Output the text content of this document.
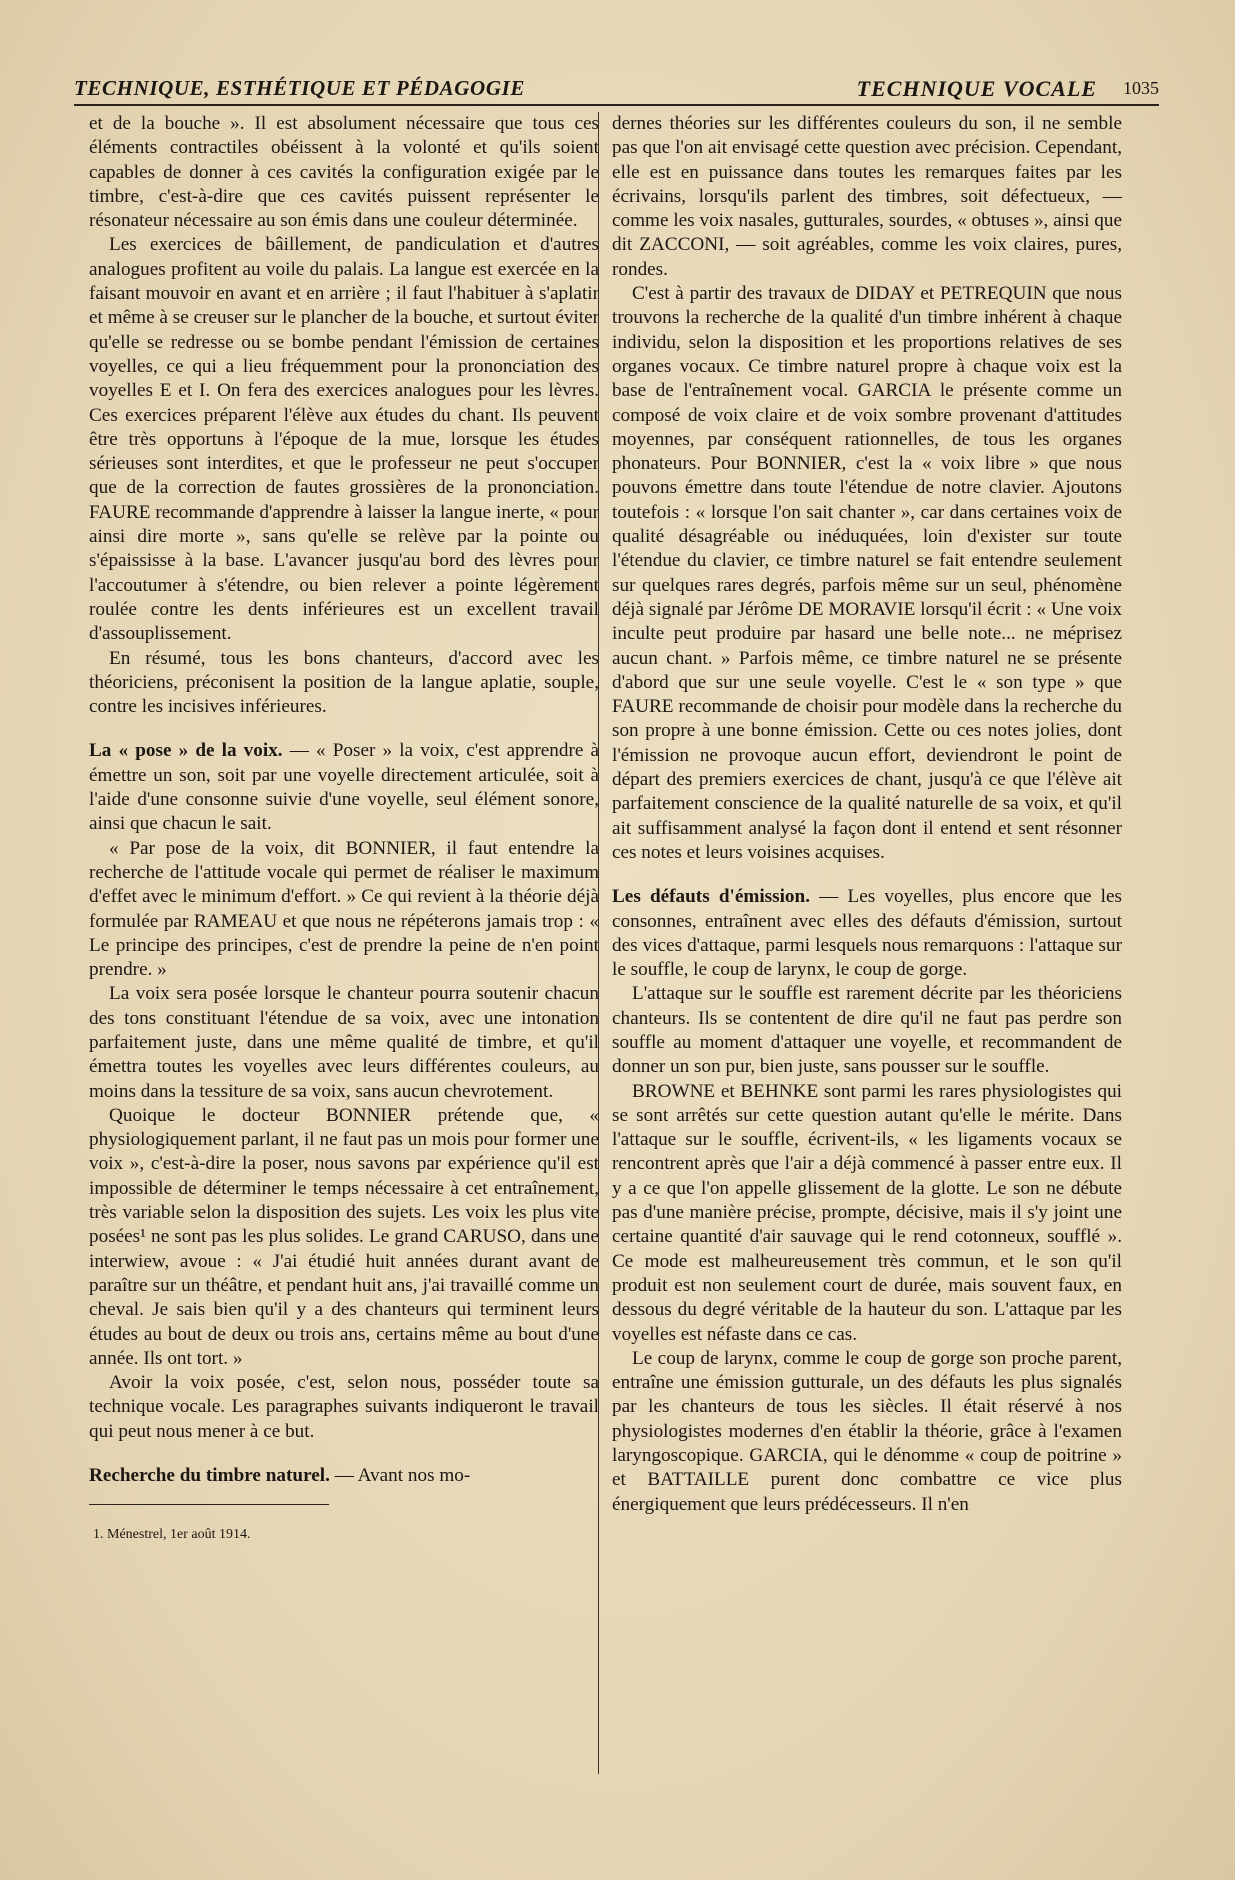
TECHNIQUE, ESTHÉTIQUE ET PÉDAGOGIE	TECHNIQUE VOCALE 1035

et de la bouche ». Il est absolument nécessaire que tous ces éléments contractiles obéissent à la volonté et qu'ils soient capables de donner à ces cavités la configuration exigée par le timbre, c'est-à-dire que ces cavités puissent représenter le résonateur nécessaire au son émis dans une couleur déterminée.

Les exercices de bâillement, de pandiculation et d'autres analogues profitent au voile du palais. La langue est exercée en la faisant mouvoir en avant et en arrière ; il faut l'habituer à s'aplatir et même à se creuser sur le plancher de la bouche, et surtout éviter qu'elle se redresse ou se bombe pendant l'émission de certaines voyelles, ce qui a lieu fréquemment pour la prononciation des voyelles E et I. On fera des exercices analogues pour les lèvres. Ces exercices préparent l'élève aux études du chant. Ils peuvent être très opportuns à l'époque de la mue, lorsque les études sérieuses sont interdites, et que le professeur ne peut s'occuper que de la correction de fautes grossières de la prononciation. FAURE recommande d'apprendre à laisser la langue inerte, « pour ainsi dire morte », sans qu'elle se relève par la pointe ou s'épaississe à la base. L'avancer jusqu'au bord des lèvres pour l'accoutumer à s'étendre, ou bien relever a pointe légèrement roulée contre les dents inférieures est un excellent travail d'assouplissement.

En résumé, tous les bons chanteurs, d'accord avec les théoriciens, préconisent la position de la langue aplatie, souple, contre les incisives inférieures.

La « pose » de la voix. — « Poser » la voix, c'est apprendre à émettre un son, soit par une voyelle directement articulée, soit à l'aide d'une consonne suivie d'une voyelle, seul élément sonore, ainsi que chacun le sait.

« Par pose de la voix, dit BONNIER, il faut entendre la recherche de l'attitude vocale qui permet de réaliser le maximum d'effet avec le minimum d'effort. » Ce qui revient à la théorie déjà formulée par RAMEAU et que nous ne répéterons jamais trop : « Le principe des principes, c'est de prendre la peine de n'en point prendre. »

La voix sera posée lorsque le chanteur pourra soutenir chacun des tons constituant l'étendue de sa voix, avec une intonation parfaitement juste, dans une même qualité de timbre, et qu'il émettra toutes les voyelles avec leurs différentes couleurs, au moins dans la tessiture de sa voix, sans aucun chevrotement.

Quoique le docteur BONNIER prétende que, « physiologiquement parlant, il ne faut pas un mois pour former une voix », c'est-à-dire la poser, nous savons par expérience qu'il est impossible de déterminer le temps nécessaire à cet entraînement, très variable selon la disposition des sujets. Les voix les plus vite posées¹ ne sont pas les plus solides. Le grand CARUSO, dans une interwiew, avoue : « J'ai étudié huit années durant avant de paraître sur un théâtre, et pendant huit ans, j'ai travaillé comme un cheval. Je sais bien qu'il y a des chanteurs qui terminent leurs études au bout de deux ou trois ans, certains même au bout d'une année. Ils ont tort. »

Avoir la voix posée, c'est, selon nous, posséder toute sa technique vocale. Les paragraphes suivants indiqueront le travail qui peut nous mener à ce but.

Recherche du timbre naturel. — Avant nos mo-

1. Ménestrel, 1er août 1914.

dernes théories sur les différentes couleurs du son, il ne semble pas que l'on ait envisagé cette question avec précision. Cependant, elle est en puissance dans toutes les remarques faites par les écrivains, lorsqu'ils parlent des timbres, soit défectueux, — comme les voix nasales, gutturales, sourdes, « obtuses », ainsi que dit ZACCONI, — soit agréables, comme les voix claires, pures, rondes.

C'est à partir des travaux de DIDAY et PETREQUIN que nous trouvons la recherche de la qualité d'un timbre inhérent à chaque individu, selon la disposition et les proportions relatives de ses organes vocaux. Ce timbre naturel propre à chaque voix est la base de l'entraînement vocal. GARCIA le présente comme un composé de voix claire et de voix sombre provenant d'attitudes moyennes, par conséquent rationnelles, de tous les organes phonateurs. Pour BONNIER, c'est la « voix libre » que nous pouvons émettre dans toute l'étendue de notre clavier. Ajoutons toutefois : « lorsque l'on sait chanter », car dans certaines voix de qualité désagréable ou inéduquées, loin d'exister sur toute l'étendue du clavier, ce timbre naturel se fait entendre seulement sur quelques rares degrés, parfois même sur un seul, phénomène déjà signalé par Jérôme DE MORAVIE lorsqu'il écrit : « Une voix inculte peut produire par hasard une belle note... ne méprisez aucun chant. » Parfois même, ce timbre naturel ne se présente d'abord que sur une seule voyelle. C'est le « son type » que FAURE recommande de choisir pour modèle dans la recherche du son propre à une bonne émission. Cette ou ces notes jolies, dont l'émission ne provoque aucun effort, deviendront le point de départ des premiers exercices de chant, jusqu'à ce que l'élève ait parfaitement conscience de la qualité naturelle de sa voix, et qu'il ait suffisamment analysé la façon dont il entend et sent résonner ces notes et leurs voisines acquises.

Les défauts d'émission. — Les voyelles, plus encore que les consonnes, entraînent avec elles des défauts d'émission, surtout des vices d'attaque, parmi lesquels nous remarquons : l'attaque sur le souffle, le coup de larynx, le coup de gorge.

L'attaque sur le souffle est rarement décrite par les théoriciens chanteurs. Ils se contentent de dire qu'il ne faut pas perdre son souffle au moment d'attaquer une voyelle, et recommandent de donner un son pur, bien juste, sans pousser sur le souffle.

BROWNE et BEHNKE sont parmi les rares physiologistes qui se sont arrêtés sur cette question autant qu'elle le mérite. Dans l'attaque sur le souffle, écrivent-ils, « les ligaments vocaux se rencontrent après que l'air a déjà commencé à passer entre eux. Il y a ce que l'on appelle glissement de la glotte. Le son ne débute pas d'une manière précise, prompte, décisive, mais il s'y joint une certaine quantité d'air sauvage qui le rend cotonneux, soufflé ». Ce mode est malheureusement très commun, et le son qu'il produit est non seulement court de durée, mais souvent faux, en dessous du degré véritable de la hauteur du son. L'attaque par les voyelles est néfaste dans ce cas.

Le coup de larynx, comme le coup de gorge son proche parent, entraîne une émission gutturale, un des défauts les plus signalés par les chanteurs de tous les siècles. Il était réservé à nos physiologistes modernes d'en établir la théorie, grâce à l'examen laryngoscopique. GARCIA, qui le dénomme « coup de poitrine » et BATTAILLE purent donc combattre ce vice plus énergiquement que leurs prédécesseurs. Il n'en
